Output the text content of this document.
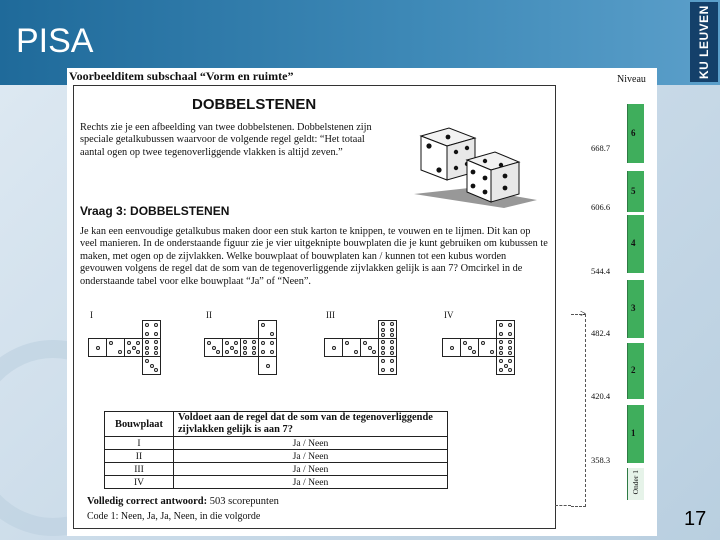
PISA	KU LEUVEN
Voorbeelditem subschaal “Vorm en ruimte”
DOBBELSTENEN
Rechts zie je een afbeelding van twee dobbelstenen. Dobbelstenen zijn speciale getalkubussen waarvoor de volgende regel geldt: “Het totaal aantal ogen op twee tegenoverliggende vlakken is altijd zeven.”
Vraag 3: DOBBELSTENEN
Je kan een eenvoudige getalkubus maken door een stuk karton te knippen, te vouwen en te lijmen. Dit kan op veel manieren. In de onderstaande figuur zie je vier uitgeknipte bouwplaten die je kunt gebruiken om kubussen te maken, met ogen op de zijvlakken. Welke bouwplaat of bouwplaten kan / kunnen tot een kubus worden gevouwen volgens de regel dat de som van de tegenoverliggende zijvlakken gelijk is aan 7? Omcirkel in de onderstaande tabel voor elke bouwplaat “Ja” of “Neen”.
I	II	III	IV
Bouwplaat	Voldoet aan de regel dat de som van de tegenoverliggende zijvlakken gelijk is aan 7?
I	Ja / Neen
II	Ja / Neen
III	Ja / Neen
IV	Ja / Neen
Volledig correct antwoord: 503 scorepunten
Code 1: Neen, Ja, Ja, Neen, in die volgorde
Niveau
6
5
4
3
2
1
Onder 1
668.7
606.6
544.4
482.4
420.4
358.3
>
17
